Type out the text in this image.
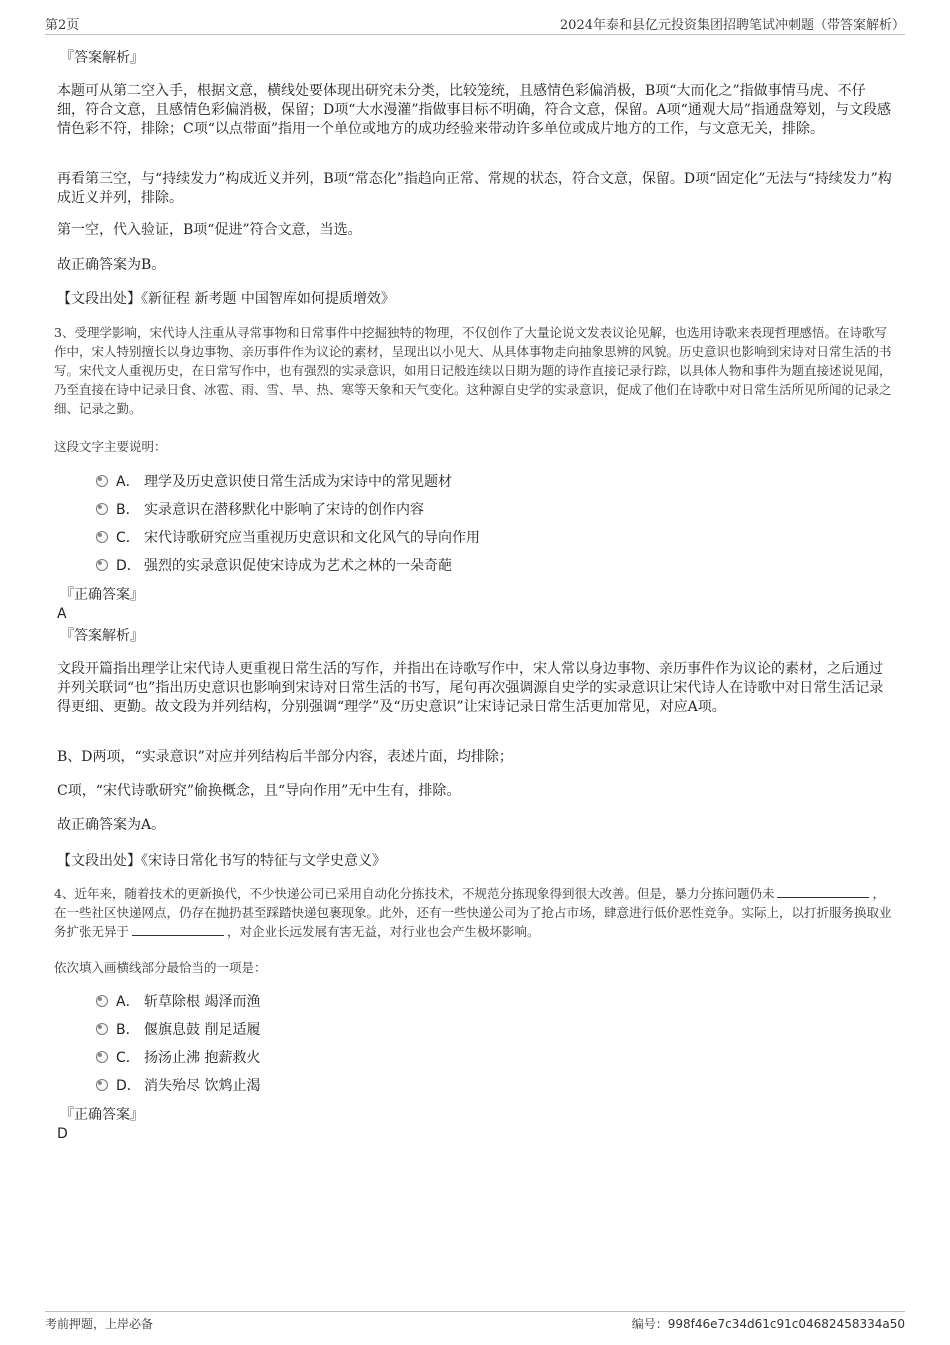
第2页	2024年泰和县亿元投资集团招聘笔试冲刺题（带答案解析）
『答案解析』
本题可从第二空入手，根据文意，横线处要体现出研究未分类，比较笼统，且感情色彩偏消极，B项“大而化之”指做事情马虎、不仔细，符合文意，且感情色彩偏消极，保留；D项“大水漫灌”指做事目标不明确，符合文意，保留。A项“通观大局”指通盘筹划，与文段感情色彩不符，排除；C项“以点带面”指用一个单位或地方的成功经验来带动许多单位或成片地方的工作，与文意无关，排除。
再看第三空，与“持续发力”构成近义并列，B项“常态化”指趋向正常、常规的状态，符合文意，保留。D项“固定化”无法与“持续发力”构成近义并列，排除。
第一空，代入验证，B项“促进”符合文意，当选。
故正确答案为B。
【文段出处】《新征程 新考题 中国智库如何提质增效》
3、受理学影响，宋代诗人注重从寻常事物和日常事件中挖掘独特的物理，不仅创作了大量论说文发表议论见解，也选用诗歌来表现哲理感悟。在诗歌写作中，宋人特别擅长以身边事物、亲历事件作为议论的素材，呈现出以小见大、从具体事物走向抽象思辨的风貌。历史意识也影响到宋诗对日常生活的书写。宋代文人重视历史，在日常写作中，也有强烈的实录意识，如用日记般连续以日期为题的诗作直接记录行踪，以具体人物和事件为题直接述说见闻，乃至直接在诗中记录日食、冰雹、雨、雪、旱、热、寒等天象和天气变化。这种源自史学的实录意识，促成了他们在诗歌中对日常生活所见所闻的记录之细、记录之勤。
这段文字主要说明：
A． 理学及历史意识使日常生活成为宋诗中的常见题材
B． 实录意识在潜移默化中影响了宋诗的创作内容
C． 宋代诗歌研究应当重视历史意识和文化风气的导向作用
D． 强烈的实录意识促使宋诗成为艺术之林的一朵奇葩
『正确答案』
A
『答案解析』
文段开篇指出理学让宋代诗人更重视日常生活的写作，并指出在诗歌写作中，宋人常以身边事物、亲历事件作为议论的素材，之后通过并列关联词“也”指出历史意识也影响到宋诗对日常生活的书写，尾句再次强调源自史学的实录意识让宋代诗人在诗歌中对日常生活记录得更细、更勤。故文段为并列结构，分别强调“理学”及“历史意识”让宋诗记录日常生活更加常见，对应A项。
B、D两项，“实录意识”对应并列结构后半部分内容，表述片面，均排除；
C项，“宋代诗歌研究”偷换概念，且“导向作用”无中生有，排除。
故正确答案为A。
【文段出处】《宋诗日常化书写的特征与文学史意义》
4、近年来，随着技术的更新换代，不少快递公司已采用自动化分拣技术，不规范分拣现象得到很大改善。但是，暴力分拣问题仍未	，在一些社区快递网点，仍存在抛扔甚至踩踏快递包裹现象。此外，还有一些快递公司为了抢占市场，肆意进行低价恶性竞争。实际上，以打折服务换取业务扩张无异于	，对企业长远发展有害无益，对行业也会产生极坏影响。
依次填入画横线部分最恰当的一项是：
A． 斩草除根 竭泽而渔
B． 偃旗息鼓 削足适履
C． 扬汤止沸 抱薪救火
D． 消失殆尽 饮鸩止渴
『正确答案』
D
考前押题，上岸必备	编号：998f46e7c34d61c91c04682458334a50
